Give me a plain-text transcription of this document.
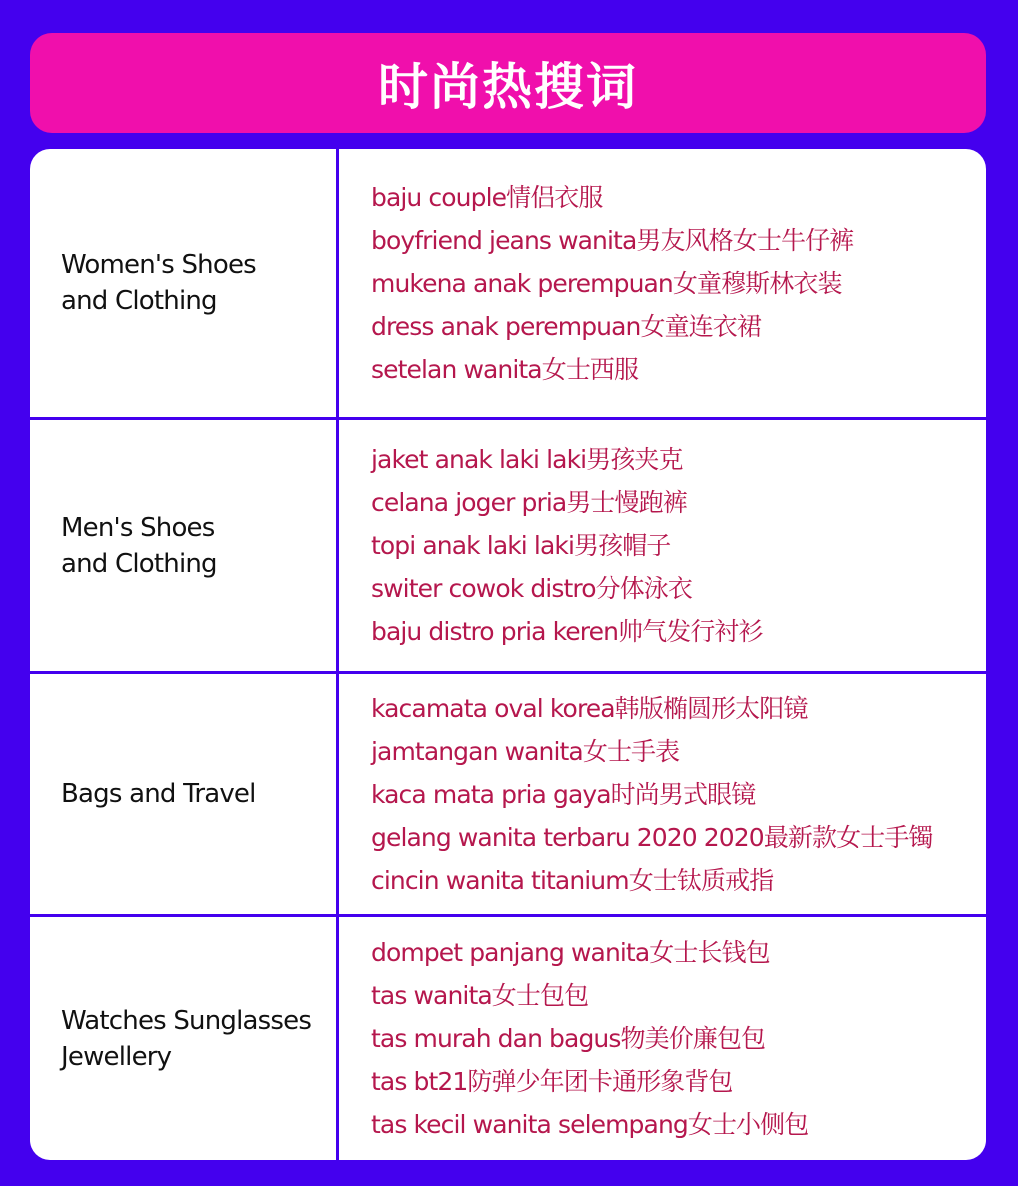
时尚热搜词
Women's Shoes
and Clothing
baju couple情侣衣服
boyfriend jeans wanita男友风格女士牛仔裤
mukena anak perempuan女童穆斯林衣装
dress anak perempuan女童连衣裙
setelan wanita女士西服
Men's Shoes
and Clothing
jaket anak laki laki男孩夹克
celana joger pria男士慢跑裤
topi anak laki laki男孩帽子
switer cowok distro分体泳衣
baju distro pria keren帅气发行衬衫
Bags and Travel
kacamata oval korea韩版椭圆形太阳镜
jamtangan wanita女士手表
kaca mata pria gaya时尚男式眼镜
gelang wanita terbaru 2020 2020最新款女士手镯
cincin wanita titanium女士钛质戒指
Watches Sunglasses
Jewellery
dompet panjang wanita女士长钱包
tas wanita女士包包
tas murah dan bagus物美价廉包包
tas bt21防弹少年团卡通形象背包
tas kecil wanita selempang女士小侧包
